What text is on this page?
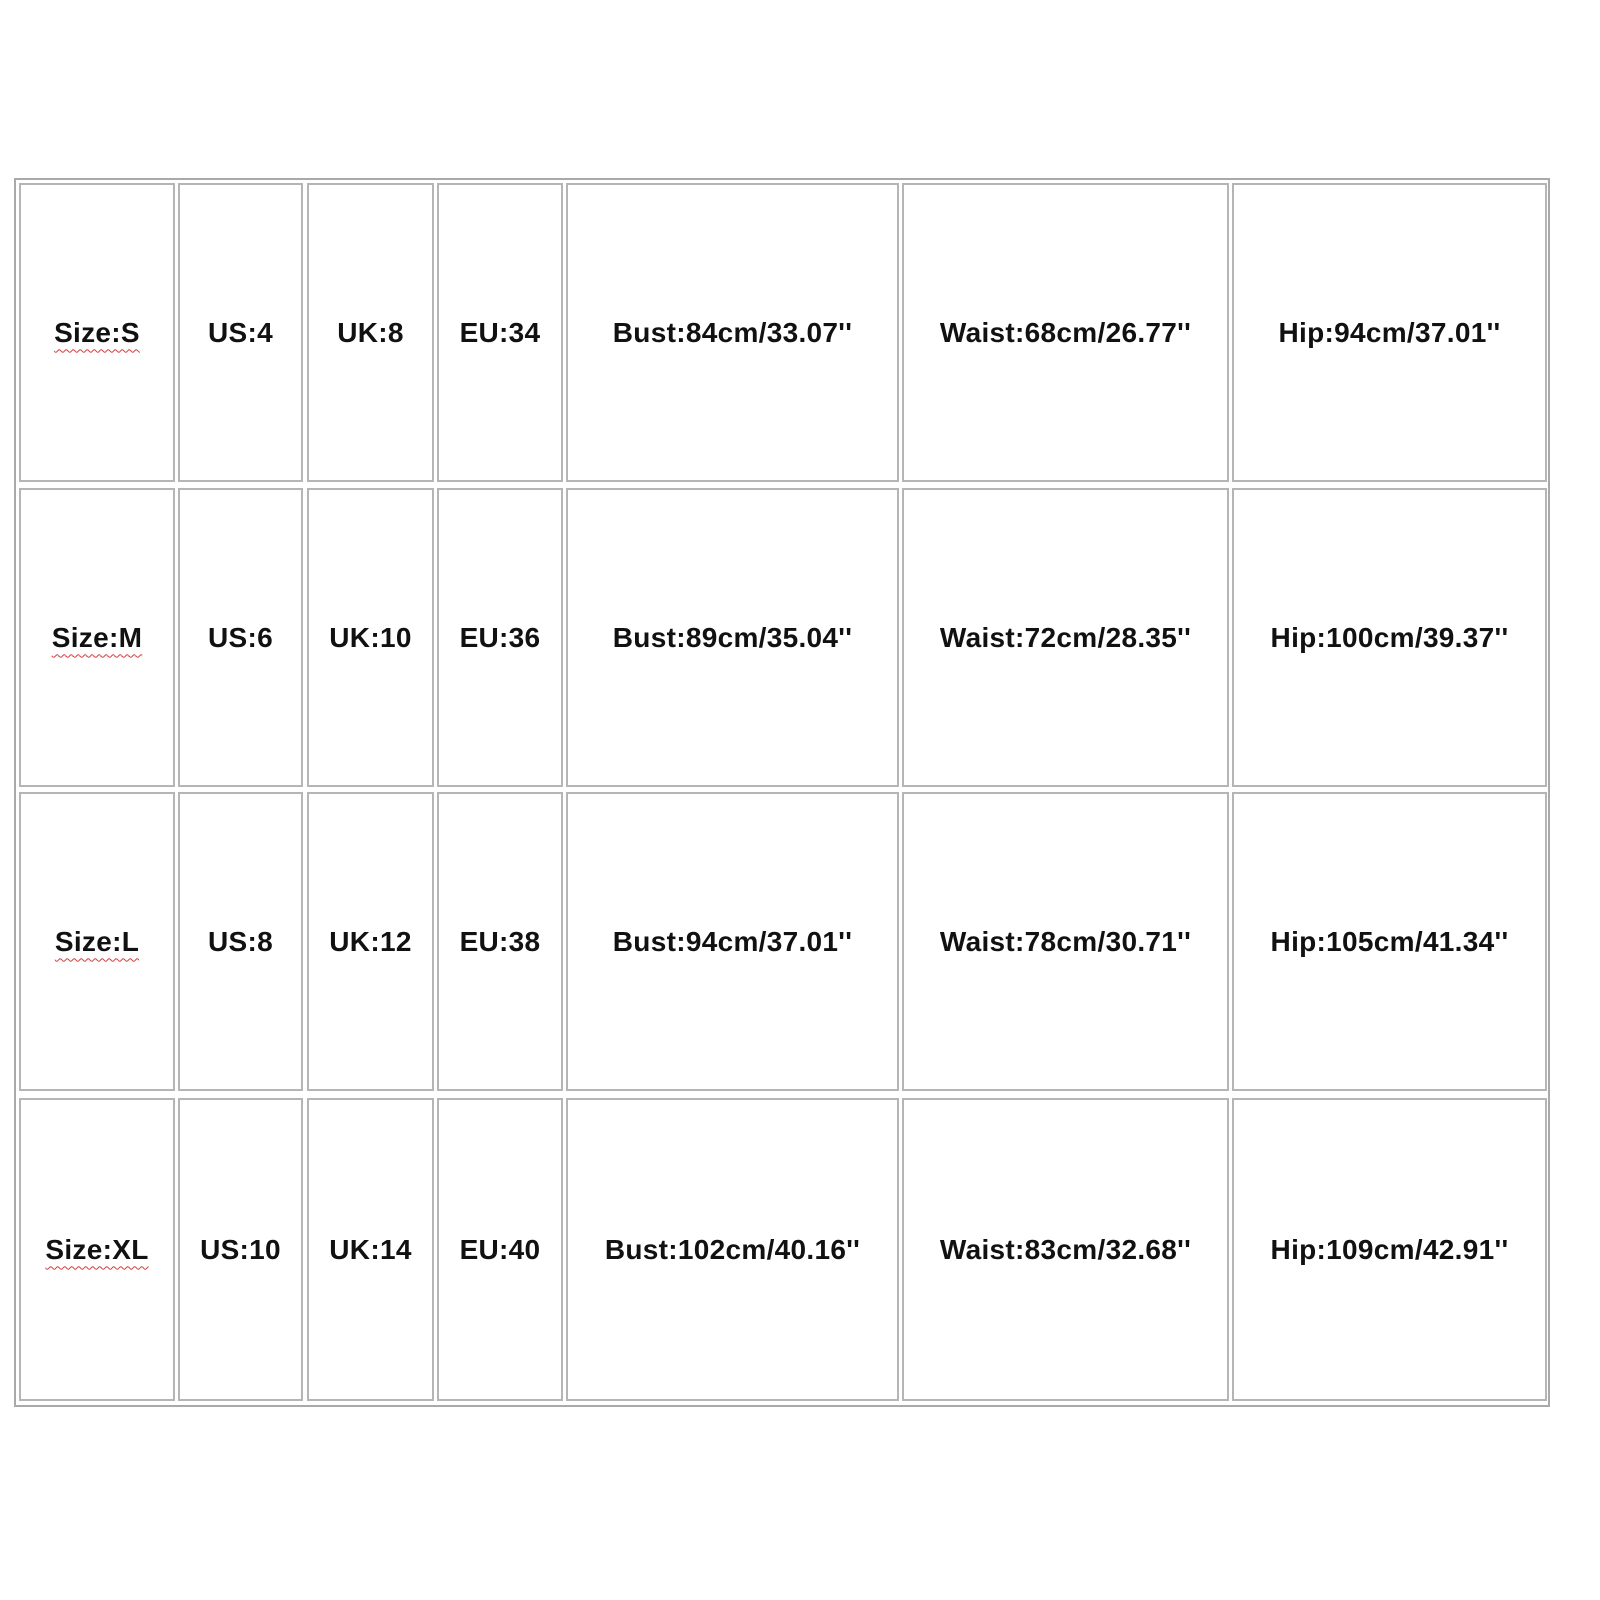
Size:S US:4 UK:8 EU:34	Bust:84cm/33.07''	Waist:68cm/26.77''	Hip:94cm/37.01''
Size:M US:6 UK:10 EU:36	Bust:89cm/35.04''	Waist:72cm/28.35''	Hip:100cm/39.37''
Size:L US:8 UK:12 EU:38	Bust:94cm/37.01''	Waist:78cm/30.71''	Hip:105cm/41.34''
Size:XL US:10 UK:14 EU:40 Bust:102cm/40.16''	Waist:83cm/32.68''	Hip:109cm/42.91''
